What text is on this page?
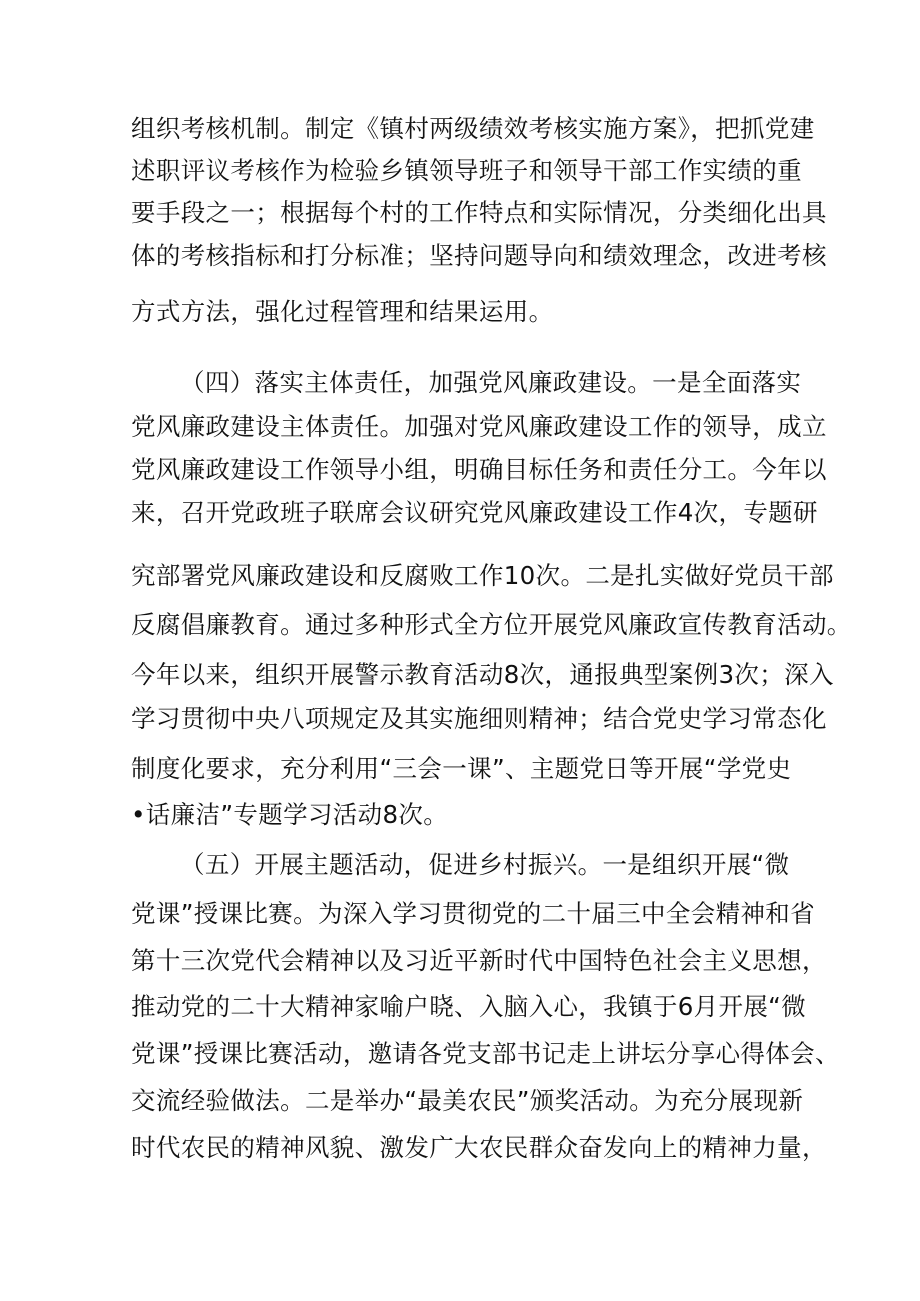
组织考核机制。制定《镇村两级绩效考核实施方案》，把抓党建
述职评议考核作为检验乡镇领导班子和领导干部工作实绩的重
要手段之一；根据每个村的工作特点和实际情况，分类细化出具
体的考核指标和打分标准；坚持问题导向和绩效理念，改进考核
方式方法，强化过程管理和结果运用。
（四）落实主体责任，加强党风廉政建设。一是全面落实
党风廉政建设主体责任。加强对党风廉政建设工作的领导，成立
党风廉政建设工作领导小组，明确目标任务和责任分工。今年以
来，召开党政班子联席会议研究党风廉政建设工作4次，专题研
究部署党风廉政建设和反腐败工作10次。二是扎实做好党员干部
反腐倡廉教育。通过多种形式全方位开展党风廉政宣传教育活动。
今年以来，组织开展警示教育活动8次，通报典型案例3次；深入
学习贯彻中央八项规定及其实施细则精神；结合党史学习常态化
制度化要求，充分利用“三会一课”、主题党日等开展“学党史
•话廉洁”专题学习活动8次。
（五）开展主题活动，促进乡村振兴。一是组织开展“微
党课”授课比赛。为深入学习贯彻党的二十届三中全会精神和省
第十三次党代会精神以及习近平新时代中国特色社会主义思想，
推动党的二十大精神家喻户晓、入脑入心，我镇于6月开展“微
党课”授课比赛活动，邀请各党支部书记走上讲坛分享心得体会、
交流经验做法。二是举办“最美农民”颁奖活动。为充分展现新
时代农民的精神风貌、激发广大农民群众奋发向上的精神力量，
